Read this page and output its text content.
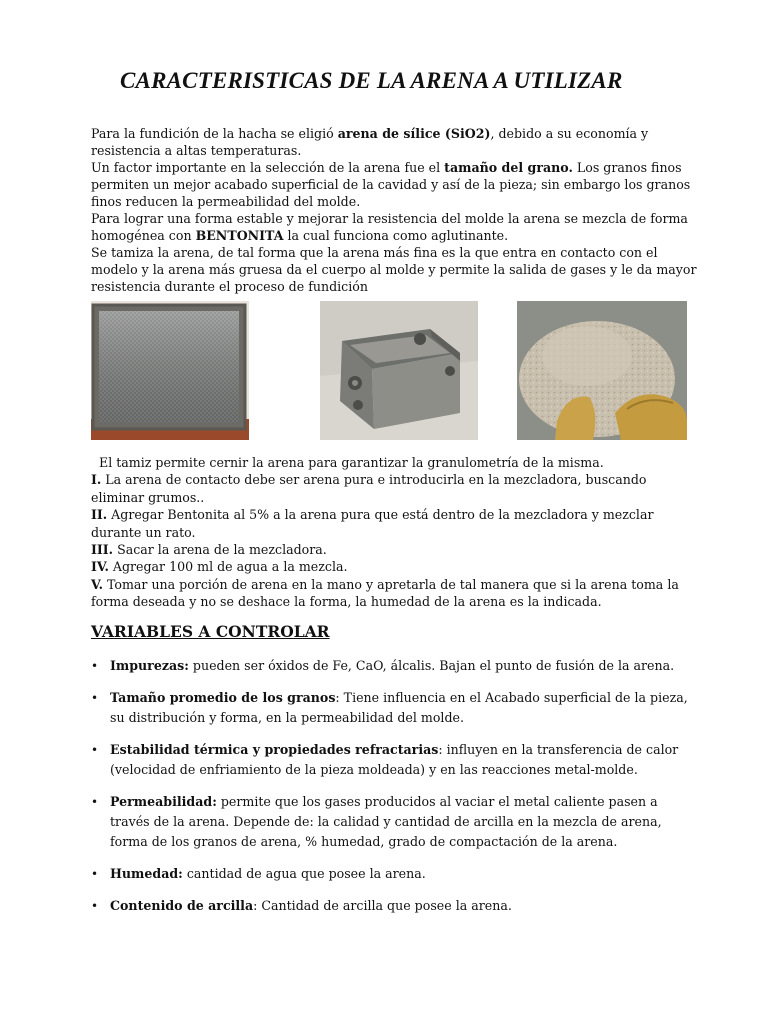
CARACTERISTICAS DE LA ARENA A UTILIZAR

Para la fundición de la hacha se eligió arena de sílice (SiO2), debido a su economía y resistencia a altas temperaturas.

Un factor importante en la selección de la arena fue el tamaño del grano. Los granos finos permiten un mejor acabado superficial de la cavidad y así de la pieza; sin embargo los granos finos reducen la permeabilidad del molde.

Para lograr una forma estable y mejorar la resistencia del molde la arena se mezcla de forma homogénea con BENTONITA la cual funciona como aglutinante.

Se tamiza la arena, de tal forma que la arena más fina es la que entra en contacto con el modelo y la arena más gruesa da el cuerpo al molde y permite la salida de gases y le da mayor resistencia durante el proceso de fundición

El tamiz permite cernir la arena para garantizar la granulometría de la misma.

I. La arena de contacto debe ser arena pura e introducirla en la mezcladora, buscando eliminar grumos..

II. Agregar Bentonita al 5% a la arena pura que está dentro de la mezcladora y mezclar durante un rato.

III. Sacar la arena de la mezcladora.

IV. Agregar 100 ml de agua a la mezcla.

V. Tomar una porción de arena en la mano y apretarla de tal manera que si la arena toma la forma deseada y no se deshace la forma, la humedad de la arena es la indicada.

VARIABLES A CONTROLAR
• Impurezas: pueden ser óxidos de Fe, CaO, álcalis. Bajan el punto de fusión de la arena.
• Tamaño promedio de los granos: Tiene influencia en el Acabado superficial de la pieza, su distribución y forma, en la permeabilidad del molde.
• Estabilidad térmica y propiedades refractarias: influyen en la transferencia de calor (velocidad de enfriamiento de la pieza moldeada) y en las reacciones metal-molde.
• Permeabilidad: permite que los gases producidos al vaciar el metal caliente pasen a través de la arena. Depende de: la calidad y cantidad de arcilla en la mezcla de arena, forma de los granos de arena, % humedad, grado de compactación de la arena.
• Humedad: cantidad de agua que posee la arena.
• Contenido de arcilla: Cantidad de arcilla que posee la arena.
